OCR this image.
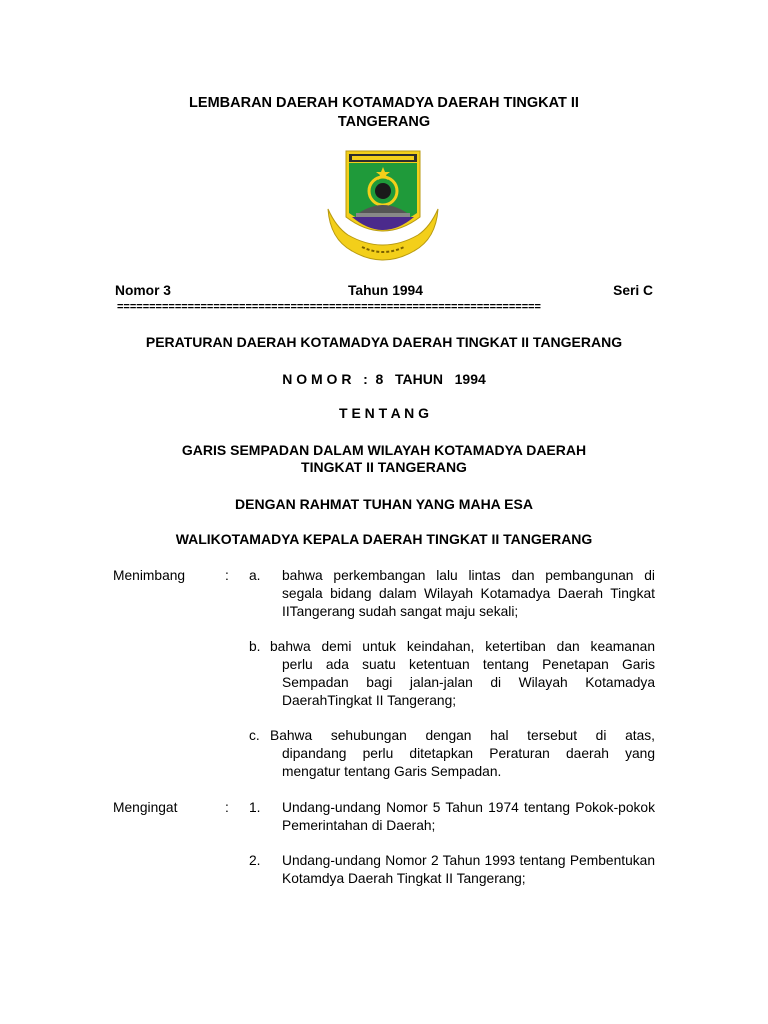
LEMBARAN DAERAH KOTAMADYA DAERAH TINGKAT II
TANGERANG
Nomor 3	Tahun 1994	Seri C
==================================================================
PERATURAN DAERAH KOTAMADYA DAERAH TINGKAT II TANGERANG
N O M O R   :  8   TAHUN   1994
T E N T A N G
GARIS SEMPADAN DALAM WILAYAH KOTAMADYA DAERAH
TINGKAT II TANGERANG
DENGAN RAHMAT TUHAN YANG MAHA ESA
WALIKOTAMADYA KEPALA DAERAH TINGKAT II TANGERANG
Menimbang	: a. bahwa perkembangan lalu lintas dan pembangunan di segala bidang dalam Wilayah Kotamadya Daerah Tingkat IITangerang sudah sangat maju sekali;
b. bahwa demi untuk keindahan, ketertiban dan keamanan
perlu ada suatu ketentuan tentang Penetapan Garis Sempadan bagi jalan-jalan di Wilayah Kotamadya DaerahTingkat II Tangerang;
c. Bahwa sehubungan dengan hal tersebut di atas,
dipandang perlu ditetapkan Peraturan daerah yang mengatur tentang Garis Sempadan.
Mengingat	: 1. Undang-undang Nomor 5 Tahun 1974 tentang Pokok-pokok Pemerintahan di Daerah;
2. Undang-undang Nomor 2 Tahun 1993 tentang Pembentukan Kotamdya Daerah Tingkat II Tangerang;
